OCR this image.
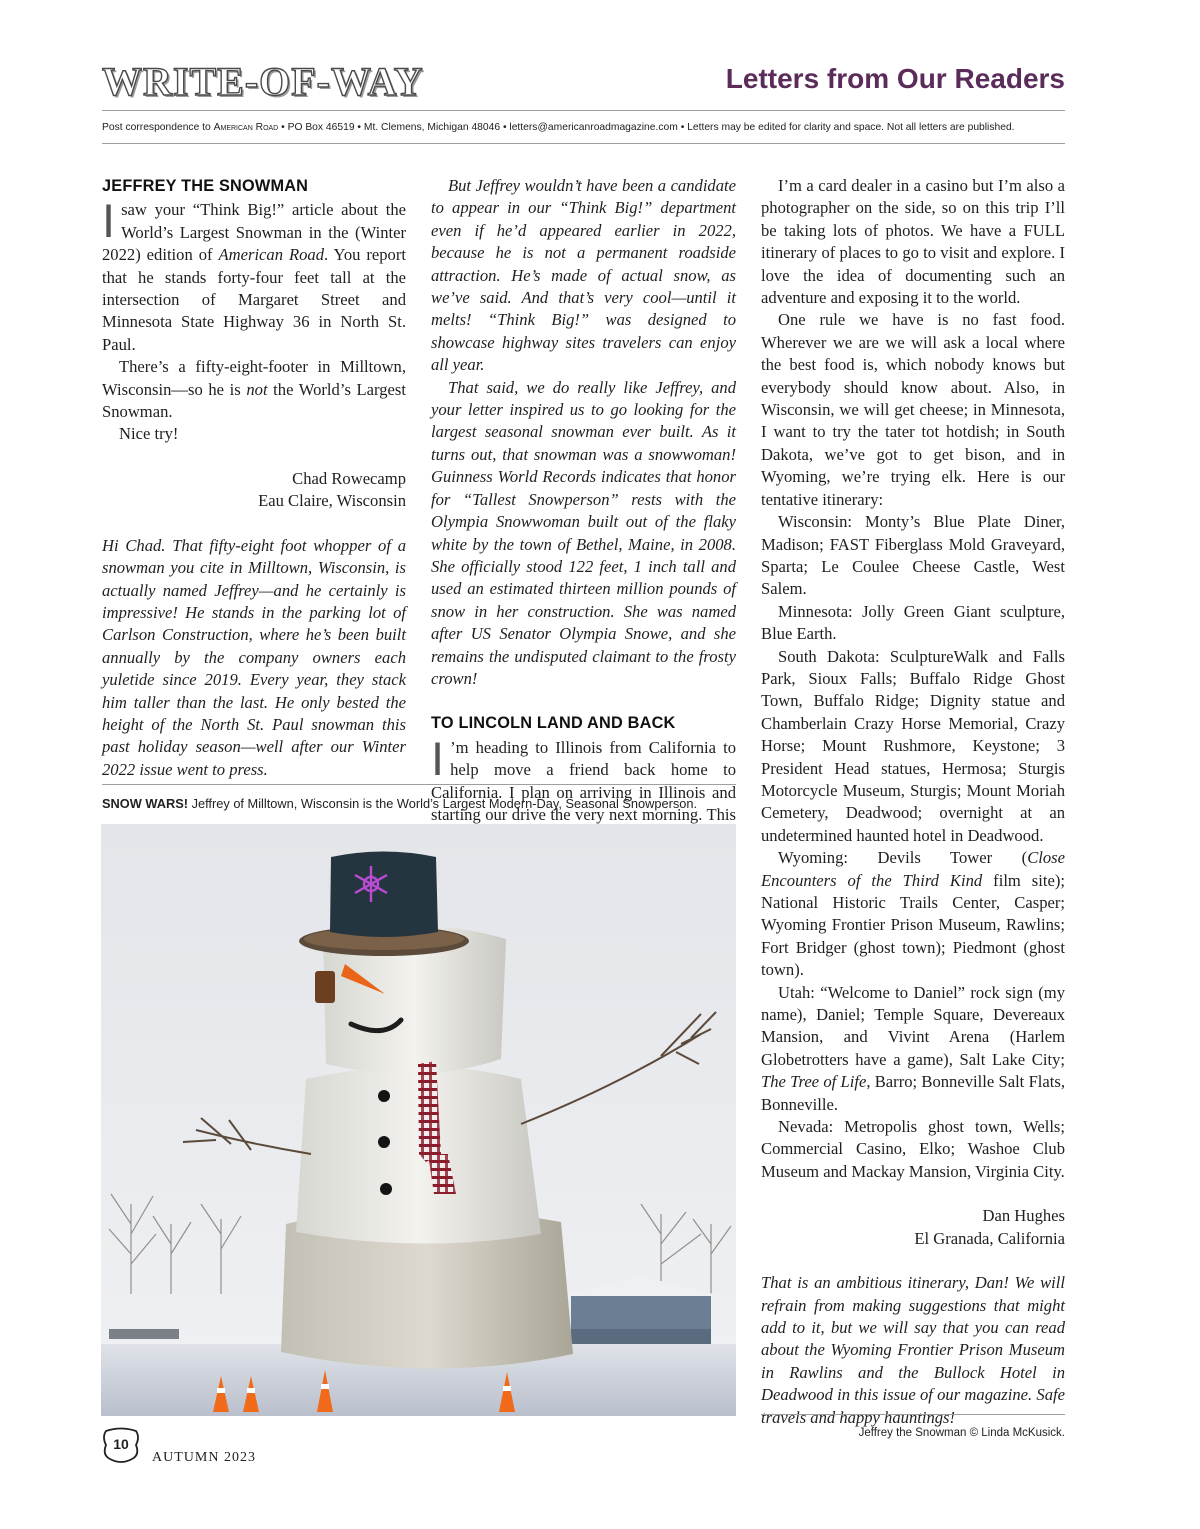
WRITE-OF-WAY	Letters from Our Readers
Post correspondence to American Road • PO Box 46519 • Mt. Clemens, Michigan 48046 • letters@americanroadmagazine.com • Letters may be edited for clarity and space. Not all letters are published.
JEFFREY THE SNOWMAN

I saw your “Think Big!” article about the World’s Largest Snowman in the (Winter 2022) edition of American Road. You report that he stands forty-four feet tall at the intersection of Margaret Street and Minnesota State Highway 36 in North St. Paul.

There’s a fifty-eight-footer in Milltown, Wisconsin—so he is not the World’s Largest Snowman.

Nice try!

Chad Rowecamp

Eau Claire, Wisconsin

Hi Chad. That fifty-eight foot whopper of a snowman you cite in Milltown, Wisconsin, is actually named Jeffrey—and he certainly is impressive! He stands in the parking lot of Carlson Construction, where he’s been built annually by the company owners each yuletide since 2019. Every year, they stack him taller than the last. He only bested the height of the North St. Paul snowman this past holiday season—well after our Winter 2022 issue went to press.

But Jeffrey wouldn’t have been a candidate to appear in our “Think Big!” department even if he’d appeared earlier in 2022, because he is not a permanent roadside attraction. He’s made of actual snow, as we’ve said. And that’s very cool—until it melts! “Think Big!” was designed to showcase highway sites travelers can enjoy all year.

That said, we do really like Jeffrey, and your letter inspired us to go looking for the largest seasonal snowman ever built. As it turns out, that snowman was a snowwoman! Guinness World Records indicates that honor for “Tallest Snowperson” rests with the Olympia Snowwoman built out of the flaky white by the town of Bethel, Maine, in 2008. She officially stood 122 feet, 1 inch tall and used an estimated thirteen million pounds of snow in her construction. She was named after US Senator Olympia Snowe, and she remains the undisputed claimant to the frosty crown!

TO LINCOLN LAND AND BACK

I ’m heading to Illinois from California to help move a friend back home to California. I plan on arriving in Illinois and starting our drive the very next morning. This

I’m a card dealer in a casino but I’m also a photographer on the side, so on this trip I’ll be taking lots of photos. We have a FULL itinerary of places to go to visit and explore. I love the idea of documenting such an adventure and exposing it to the world.

One rule we have is no fast food. Wherever we are we will ask a local where the best food is, which nobody knows but everybody should know about. Also, in Wisconsin, we will get cheese; in Minnesota, I want to try the tater tot hotdish; in South Dakota, we’ve got to get bison, and in Wyoming, we’re trying elk. Here is our tentative itinerary:

Wisconsin: Monty’s Blue Plate Diner, Madison; FAST Fiberglass Mold Graveyard, Sparta; Le Coulee Cheese Castle, West Salem.

Minnesota: Jolly Green Giant sculpture, Blue Earth.

South Dakota: SculptureWalk and Falls Park, Sioux Falls; Buffalo Ridge Ghost Town, Buffalo Ridge; Dignity statue and Chamberlain Crazy Horse Memorial, Crazy Horse; Mount Rushmore, Keystone; 3 President Head statues, Hermosa; Sturgis Motorcycle Museum, Sturgis; Mount Moriah Cemetery, Deadwood; overnight at an undetermined haunted hotel in Deadwood.

Wyoming: Devils Tower (Close Encounters of the Third Kind film site); National Historic Trails Center, Casper; Wyoming Frontier Prison Museum, Rawlins; Fort Bridger (ghost town); Piedmont (ghost town).

Utah: “Welcome to Daniel” rock sign (my name), Daniel; Temple Square, Devereaux Mansion, and Vivint Arena (Harlem Globetrotters have a game), Salt Lake City; The Tree of Life, Barro; Bonneville Salt Flats, Bonneville.

Nevada: Metropolis ghost town, Wells; Commercial Casino, Elko; Washoe Club Museum and Mackay Mansion, Virginia City.

Dan Hughes

El Granada, California

That is an ambitious itinerary, Dan! We will refrain from making suggestions that might add to it, but we will say that you can read about the Wyoming Frontier Prison Museum in Rawlins and the Bullock Hotel in Deadwood in this issue of our magazine. Safe travels and happy hauntings!

SNOW WARS! Jeffrey of Milltown, Wisconsin is the World’s Largest Modern-Day, Seasonal Snowperson.
Jeffrey the Snowman © Linda McKusick.
10
AUTUMN 2023
